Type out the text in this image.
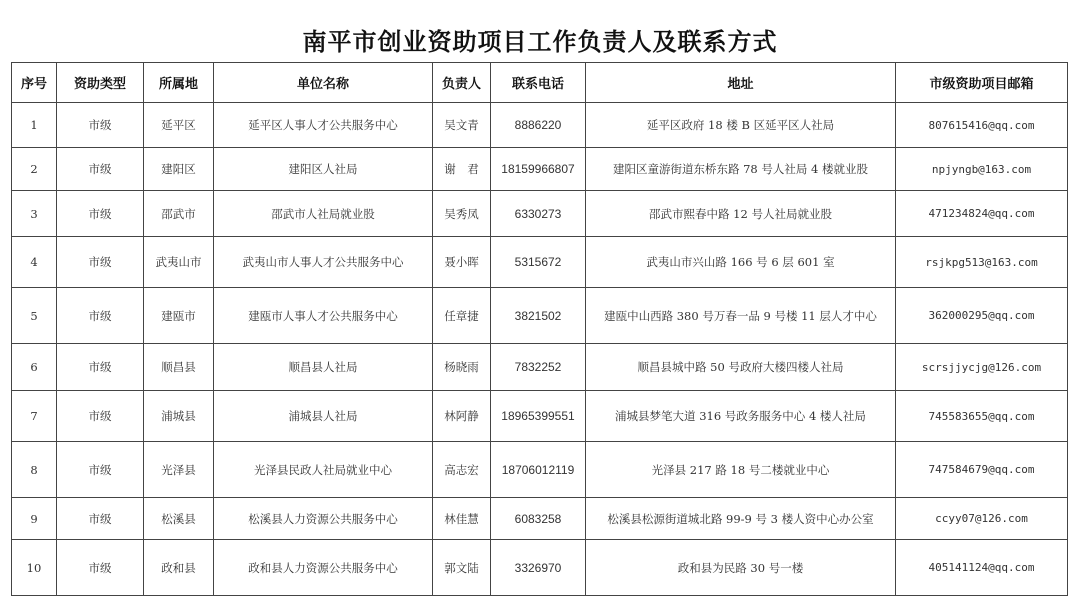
南平市创业资助项目工作负责人及联系方式
序号	资助类型	所属地	单位名称	负责人	联系电话	地址	市级资助项目邮箱
1	市级	延平区	延平区人事人才公共服务中心	吴文青	8886220	延平区政府 18 楼 B 区延平区人社局	807615416@qq.com
2	市级	建阳区	建阳区人社局	谢　君	18159966807	建阳区童游街道东桥东路 78 号人社局 4 楼就业股	npjyngb@163.com
3	市级	邵武市	邵武市人社局就业股	吴秀凤	6330273	邵武市熙春中路 12 号人社局就业股	471234824@qq.com
4	市级	武夷山市	武夷山市人事人才公共服务中心	聂小晖	5315672	武夷山市兴山路 166 号 6 层 601 室	rsjkpg513@163.com
5	市级	建瓯市	建瓯市人事人才公共服务中心	任章捷	3821502	建瓯中山西路 380 号万春一品 9 号楼 11 层人才中心	362000295@qq.com
6	市级	顺昌县	顺昌县人社局	杨晓雨	7832252	顺昌县城中路 50 号政府大楼四楼人社局	scrsjjycjg@126.com
7	市级	浦城县	浦城县人社局	林阿静	18965399551	浦城县梦笔大道 316 号政务服务中心 4 楼人社局	745583655@qq.com
8	市级	光泽县	光泽县民政人社局就业中心	高志宏	18706012119	光泽县 217 路 18 号二楼就业中心	747584679@qq.com
9	市级	松溪县	松溪县人力资源公共服务中心	林佳慧	6083258	松溪县松源街道城北路 99-9 号 3 楼人资中心办公室	ccyy07@126.com
10	市级	政和县	政和县人力资源公共服务中心	郭文陆	3326970	政和县为民路 30 号一楼	405141124@qq.com
